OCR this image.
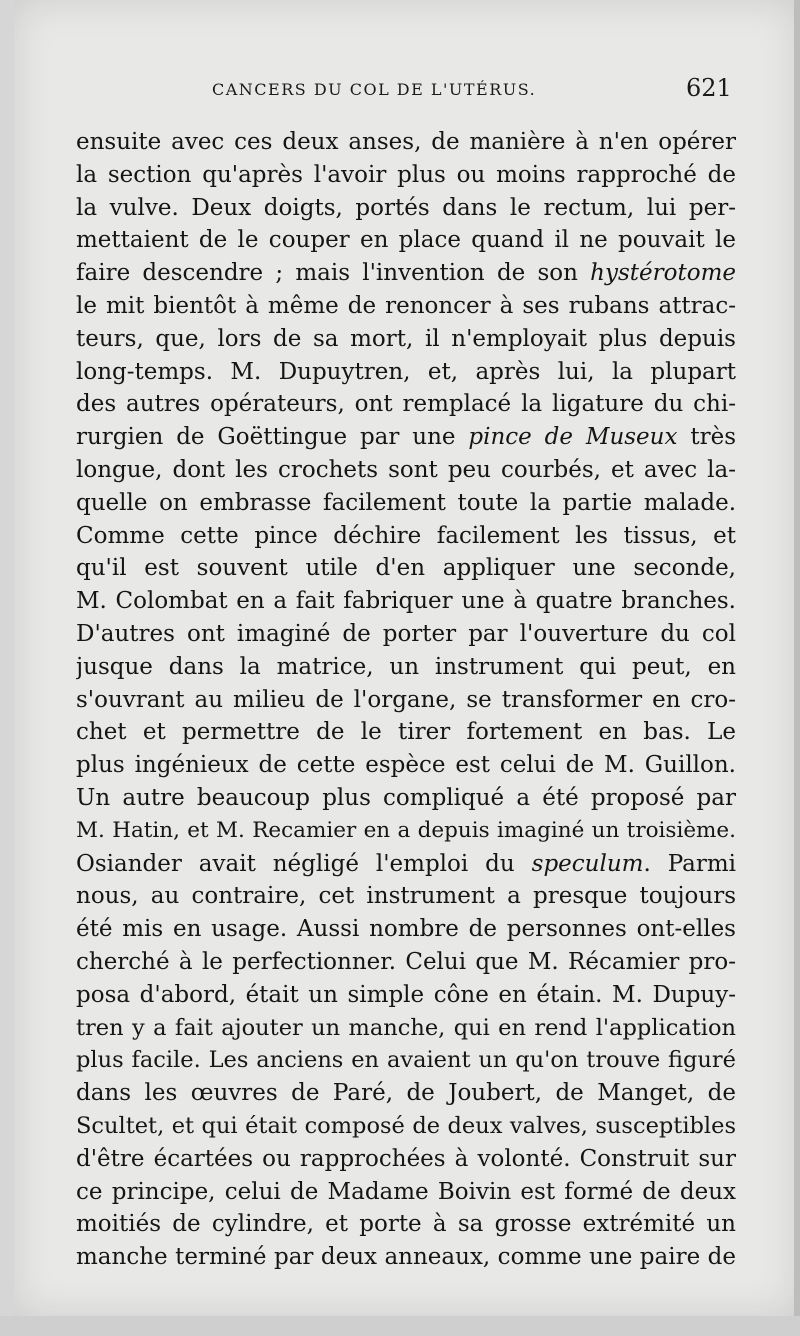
CANCERS DU COL DE L'UTÉRUS.	621
ensuite avec ces deux anses, de manière à n'en opérer
la section qu'après l'avoir plus ou moins rapproché de
la vulve. Deux doigts, portés dans le rectum, lui per-
mettaient de le couper en place quand il ne pouvait le
faire descendre ; mais l'invention de son hystérotome
le mit bientôt à même de renoncer à ses rubans attrac-
teurs, que, lors de sa mort, il n'employait plus depuis
long-temps. M. Dupuytren, et, après lui, la plupart
des autres opérateurs, ont remplacé la ligature du chi-
rurgien de Goëttingue par une pince de Museux très
longue, dont les crochets sont peu courbés, et avec la-
quelle on embrasse facilement toute la partie malade.
Comme cette pince déchire facilement les tissus, et
qu'il est souvent utile d'en appliquer une seconde,
M. Colombat en a fait fabriquer une à quatre branches.
D'autres ont imaginé de porter par l'ouverture du col
jusque dans la matrice, un instrument qui peut, en
s'ouvrant au milieu de l'organe, se transformer en cro-
chet et permettre de le tirer fortement en bas. Le
plus ingénieux de cette espèce est celui de M. Guillon.
Un autre beaucoup plus compliqué a été proposé par
M. Hatin, et M. Recamier en a depuis imaginé un troisième.
Osiander avait négligé l'emploi du speculum. Parmi
nous, au contraire, cet instrument a presque toujours
été mis en usage. Aussi nombre de personnes ont-elles
cherché à le perfectionner. Celui que M. Récamier pro-
posa d'abord, était un simple cône en étain. M. Dupuy-
tren y a fait ajouter un manche, qui en rend l'application
plus facile. Les anciens en avaient un qu'on trouve figuré
dans les œuvres de Paré, de Joubert, de Manget, de
Scultet, et qui était composé de deux valves, susceptibles
d'être écartées ou rapprochées à volonté. Construit sur
ce principe, celui de Madame Boivin est formé de deux
moitiés de cylindre, et porte à sa grosse extrémité un
manche terminé par deux anneaux, comme une paire de
